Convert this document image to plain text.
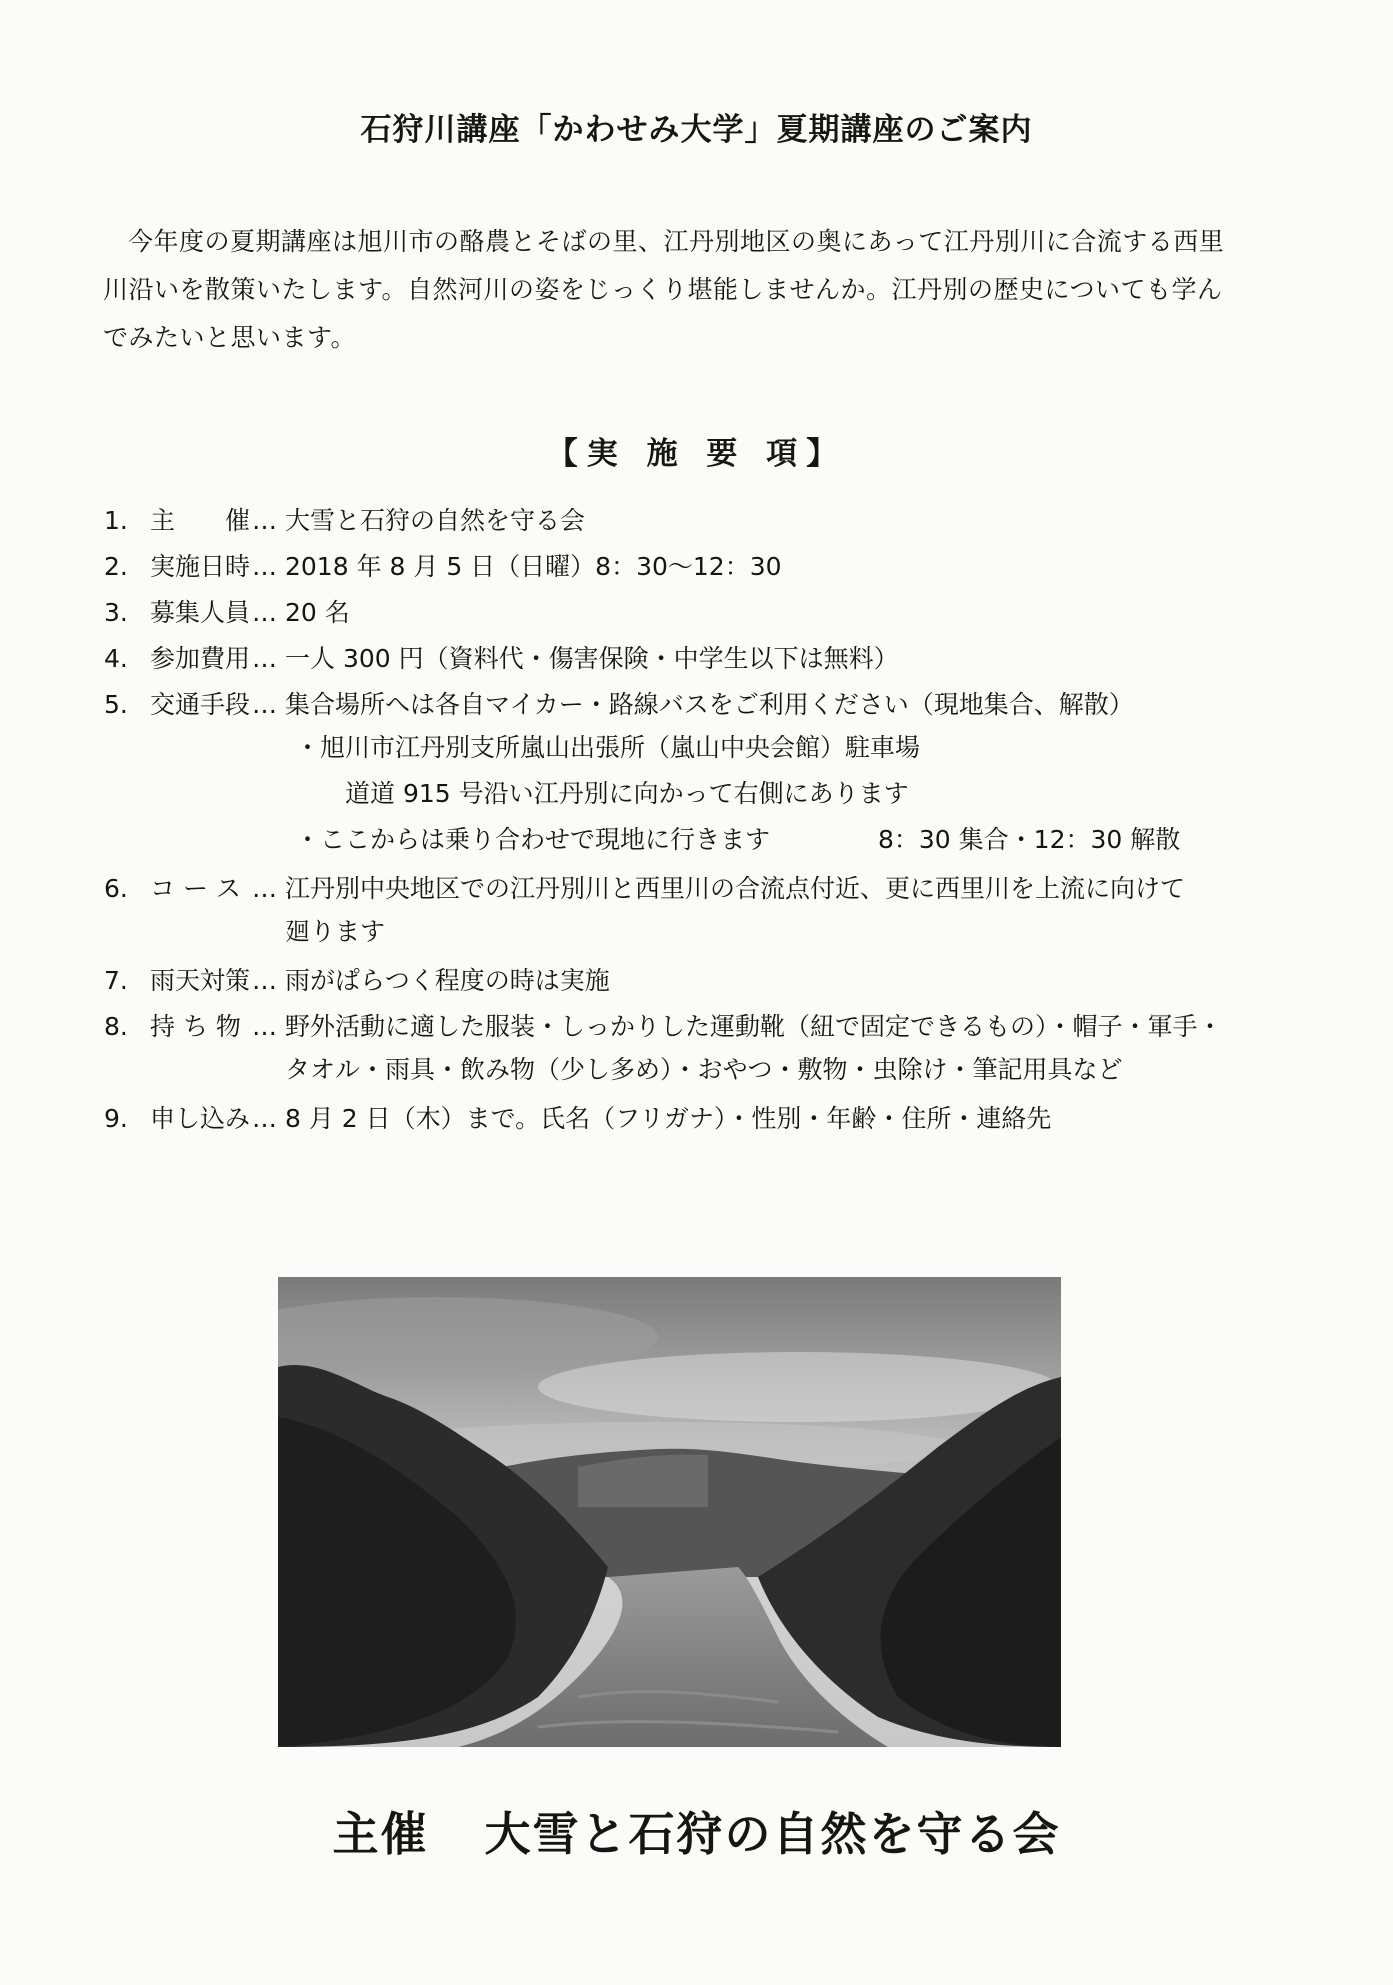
石狩川講座「かわせみ大学」夏期講座のご案内

今年度の夏期講座は旭川市の酪農とそばの里、江丹別地区の奥にあって江丹別川に合流する西里

川沿いを散策いたします。自然河川の姿をじっくり堪能しませんか。江丹別の歴史についても学ん
でみたいと思います。
【実 施 要 項】
1. 主　　催 … 大雪と石狩の自然を守る会
2. 実施日時 … 2018 年 8 月 5 日（日曜）8：30～12：30
3. 募集人員 … 20 名
4. 参加費用 … 一人 300 円（資料代・傷害保険・中学生以下は無料）
5. 交通手段 … 集合場所へは各自マイカー・路線バスをご利用ください（現地集合、解散）
・旭川市江丹別支所嵐山出張所（嵐山中央会館）駐車場
道道 915 号沿い江丹別に向かって右側にあります
・ここからは乗り合わせで現地に行きます	8：30 集合・12：30 解散
6. コ ー ス … 江丹別中央地区での江丹別川と西里川の合流点付近、更に西里川を上流に向けて
廻ります
7. 雨天対策 … 雨がぱらつく程度の時は実施
8. 持 ち 物 … 野外活動に適した服装・しっかりした運動靴（紐で固定できるもの）・帽子・軍手・
タオル・雨具・飲み物（少し多め）・おやつ・敷物・虫除け・筆記用具など
9. 申し込み … 8 月 2 日（木）まで。氏名（フリガナ）・性別・年齢・住所・連絡先
主催 大雪と石狩の自然を守る会
